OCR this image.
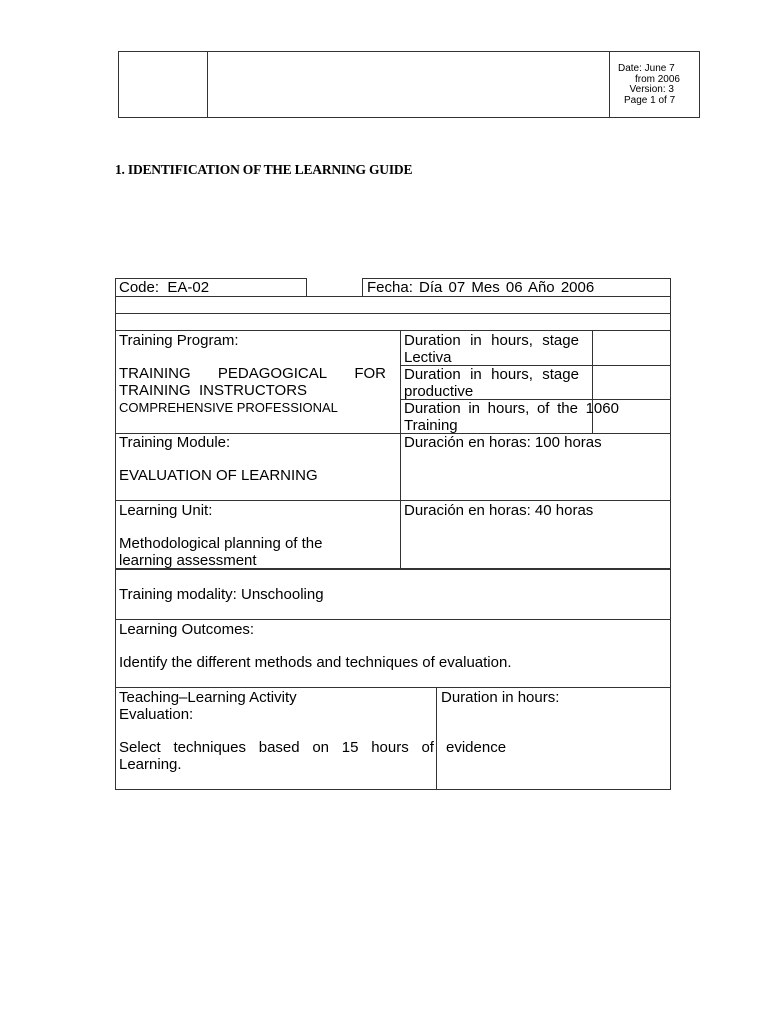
Date: June 7
from 2006
Version: 3
Page 1 of 7
1. IDENTIFICATION OF THE LEARNING GUIDE
Code: EA-02	Fecha: Día 07 Mes 06 Año 2006
Training Program:
TRAINING PEDAGOGICAL FOR
TRAINING  INSTRUCTORS
COMPREHENSIVE PROFESSIONAL
Duration in hours, stage
Lectiva
Duration in hours, stage
productive
Duration in hours, of the 1060
Training
Training Module:
EVALUATION OF LEARNING
Duración en horas: 100 horas
Learning Unit:
Methodological planning of the
learning assessment
Duración en horas: 40 horas
Training modality: Unschooling
Learning Outcomes:
Identify the different methods and techniques of evaluation.
Teaching–Learning Activity
Evaluation:
Select techniques based on 15 hours of
Learning.
Duration in hours:
evidence
